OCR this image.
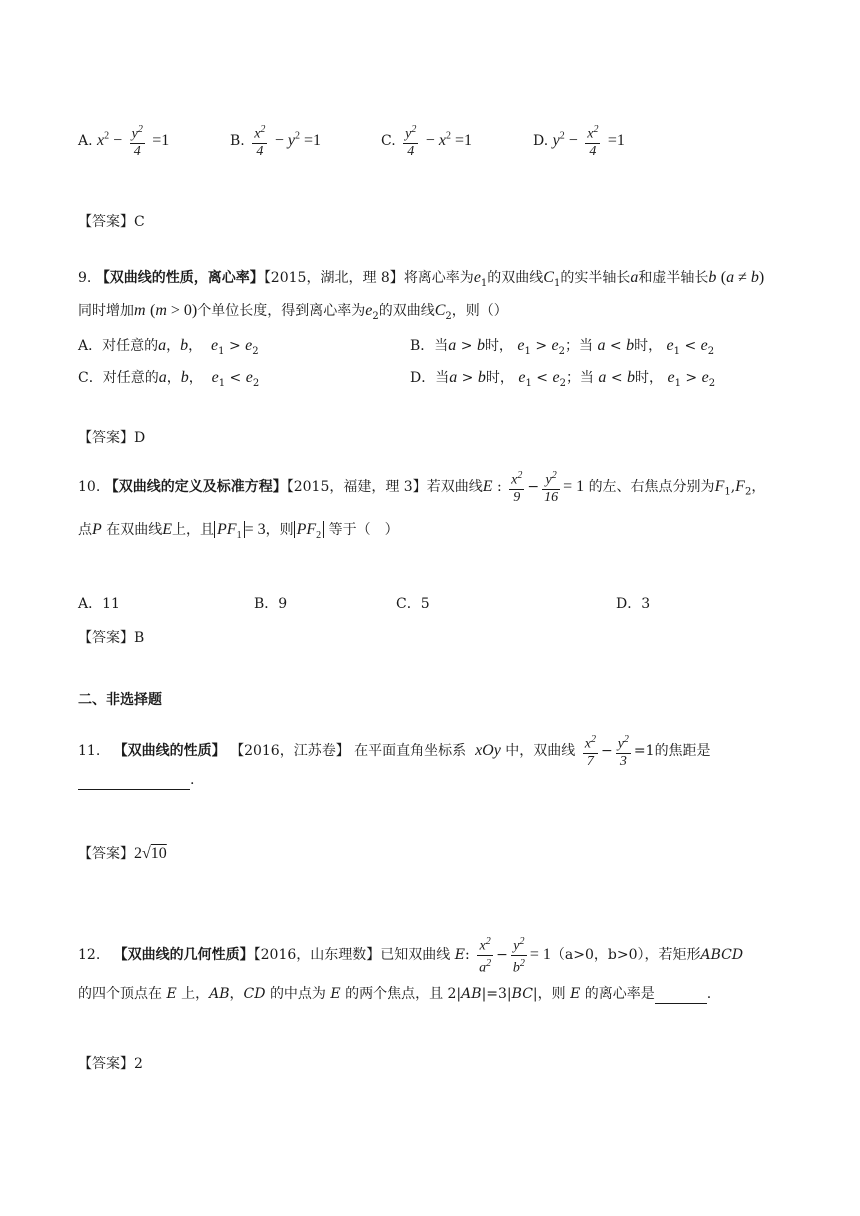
A. $x^2 - \frac{y^2}{4} =1$	B. $\frac{x^2}{4} - y^2 =1$	C. $\frac{y^2}{4} - x^2 =1$	D. $y^2 - \frac{x^2}{4} =1$
【答案】C
9. 【双曲线的性质，离心率】【2015，湖北，理 8】将离心率为$e_1$的双曲线$C_1$的实半轴长a和虚半轴长b (a ≠ b)
同时增加m (m > 0)个单位长度，得到离心率为$e_2$的双曲线$C_2$，则（）
A．对任意的a，b，  $e_1 > e_2$	B．当a > b时， $e_1 > e_2$；当 a < b时， $e_1 < e_2$
C．对任意的a，b，  $e_1 < e_2$	D．当a > b时， $e_1 < e_2$；当 a < b时， $e_1 > e_2$
【答案】D
10. 【双曲线的定义及标准方程】【2015，福建，理 3】若双曲线E : $\frac{x^2}{9} - \frac{y^2}{16} = 1$ 的左、右焦点分别为$F_1,F_2$，
点P 在双曲线E上，且 $PF_1 = 3$，则 $PF_2$ 等于（　）
A．11	B．9	C．5	D．3
【答案】B
二、非选择题
11. 【双曲线的性质】 【2016，江苏卷】 在平面直角坐标系 xOy 中，双曲线 $\frac{x^2}{7} - \frac{y^2}{3} =1$的焦距是
.
【答案】2√10
12. 【双曲线的几何性质】【2016，山东理数】已知双曲线 E: $\frac{x^2}{a^2} - \frac{y^2}{b^2} = 1(a>0$，b>0），若矩形ABCD
的四个顶点在 E 上，AB，CD 的中点为 E 的两个焦点，且 2|AB|=3|BC|，则 E 的离心率是	.
【答案】2
